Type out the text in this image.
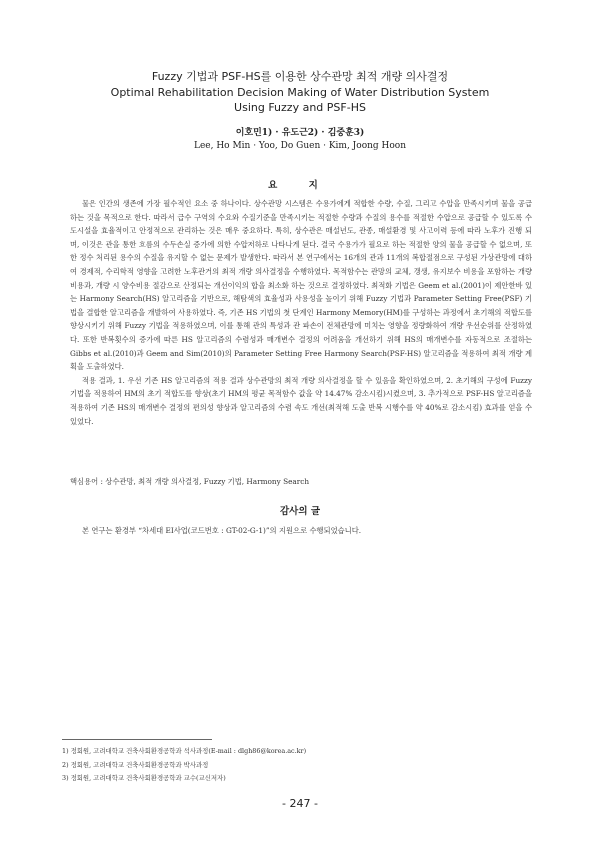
Fuzzy 기법과 PSF-HS를 이용한 상수관망 최적 개량 의사결정
Optimal Rehabilitation Decision Making of Water Distribution System
Using Fuzzy and PSF-HS
이호민1) · 유도근2) · 김중훈3)
Lee, Ho Min · Yoo, Do Guen · Kim, Joong Hoon
요 지

물은 인간의 생존에 가장 필수적인 요소 중 하나이다. 상수관망 시스템은 수용가에게 적합한 수량, 수질, 그리고 수압을 만족시키며 물을 공급하는 것을 목적으로 한다. 따라서 급수 구역의 수요와 수질기준을 만족시키는 적절한 수량과 수질의 용수를 적절한 수압으로 공급할 수 있도록 수도시설을 효율적이고 안정적으로 관리하는 것은 매우 중요하다. 특히, 상수관은 매설년도, 관종, 매설환경 및 사고이력 등에 따라 노후가 진행 되며, 이것은 관을 통한 흐름의 수두손실 증가에 의한 수압저하로 나타나게 된다. 결국 수용가가 필요로 하는 적절한 양의 물을 공급할 수 없으며, 또한 정수 처리된 용수의 수질을 유지할 수 없는 문제가 발생한다. 따라서 본 연구에서는 16개의 관과 11개의 복합절점으로 구성된 가상관망에 대하여 경제적, 수리학적 영향을 고려한 노후관거의 최적 개량 의사결정을 수행하였다. 목적함수는 관망의 교체, 갱생, 유지보수 비용을 포함하는 개량비용과, 개량 시 양수비용 절감으로 산정되는 개선이익의 합을 최소화 하는 것으로 결정하였다. 최적화 기법은 Geem et al.(2001)이 제안한바 있는 Harmony Search(HS) 알고리즘을 기반으로, 해탐색의 효율성과 사용성을 높이기 위해 Fuzzy 기법과 Parameter Setting Free(PSF) 기법을 결합한 알고리즘을 개발하여 사용하였다. 즉, 기존 HS 기법의 첫 단계인 Harmony Memory(HM)를 구성하는 과정에서 초기해의 적합도를 향상시키기 위해 Fuzzy 기법을 적용하였으며, 이를 통해 관의 특성과 관 파손이 전체관망에 미치는 영향을 정량화하여 개량 우선순위를 산정하였다. 또한 반복횟수의 증가에 따른 HS 알고리즘의 수렴성과 매개변수 결정의 어려움을 개선하기 위해 HS의 매개변수를 자동적으로 조절하는 Gibbs et al.(2010)과 Geem and Sim(2010)의 Parameter Setting Free Harmony Search(PSF-HS) 알고리즘을 적용하여 최적 개량 계획을 도출하였다.

적용 결과, 1. 우선 기존 HS 알고리즘의 적용 결과 상수관망의 최적 개량 의사결정을 할 수 있음을 확인하였으며, 2. 초기해의 구성에 Fuzzy 기법을 적용하여 HM의 초기 적합도를 향상(초기 HM의 평균 목적함수 값을 약 14.47% 감소시킴)시켰으며, 3. 추가적으로 PSF-HS 알고리즘을 적용하여 기존 HS의 매개변수 결정의 편의성 향상과 알고리즘의 수렴 속도 개선(최적해 도출 반복 시행수를 약 40%로 감소시킴) 효과를 얻을 수 있었다.

핵심용어 : 상수관망, 최적 개량 의사결정, Fuzzy 기법, Harmony Search
감사의 글
본 연구는 환경부 “차세대 EI사업(코드번호 : GT-02-G-1)”의 지원으로 수행되었습니다.
1) 정회원, 고려대학교 건축사회환경공학과 석사과정(E-mail : dlgh86@korea.ac.kr)
2) 정회원, 고려대학교 건축사회환경공학과 박사과정
3) 정회원, 고려대학교 건축사회환경공학과 교수(교신저자)
- 247 -
